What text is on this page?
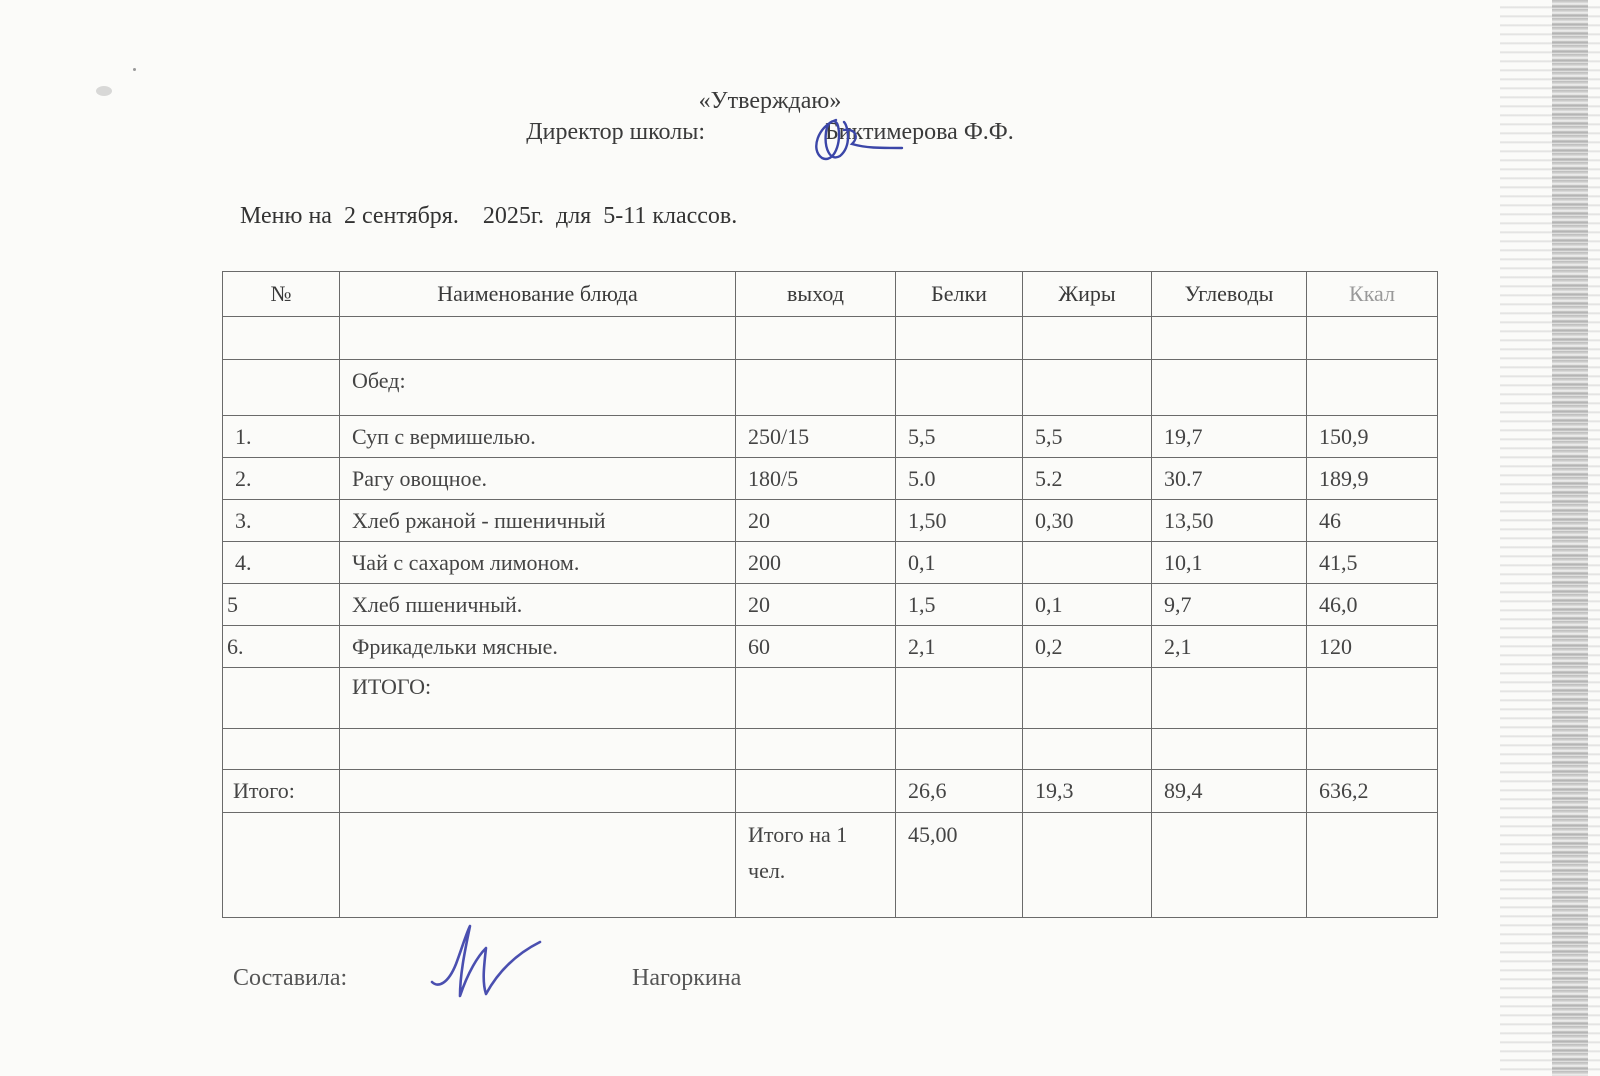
«Утверждаю»
Директор школы:	Биктимерова Ф.Ф.
Меню на  2 сентября.    2025г.  для  5-11 классов.
№	Наименование блюда	выход	Белки	Жиры	Углеводы	Ккал

	Обед:					
1.	Суп с вермишелью.	250/15	5,5	5,5	19,7	150,9
2.	Рагу овощное.	180/5	5.0	5.2	30.7	189,9
3.	Хлеб ржаной - пшеничный	20	1,50	0,30	13,50	46
4.	Чай с сахаром лимоном.	200	0,1		10,1	41,5
5	Хлеб пшеничный.	20	1,5	0,1	9,7	46,0
6.	Фрикадельки мясные.	60	2,1	0,2	2,1	120
	ИТОГО:					

Итого:			26,6	19,3	89,4	636,2
		Итого на 1 чел.	45,00			
Составила:	Нагоркина
